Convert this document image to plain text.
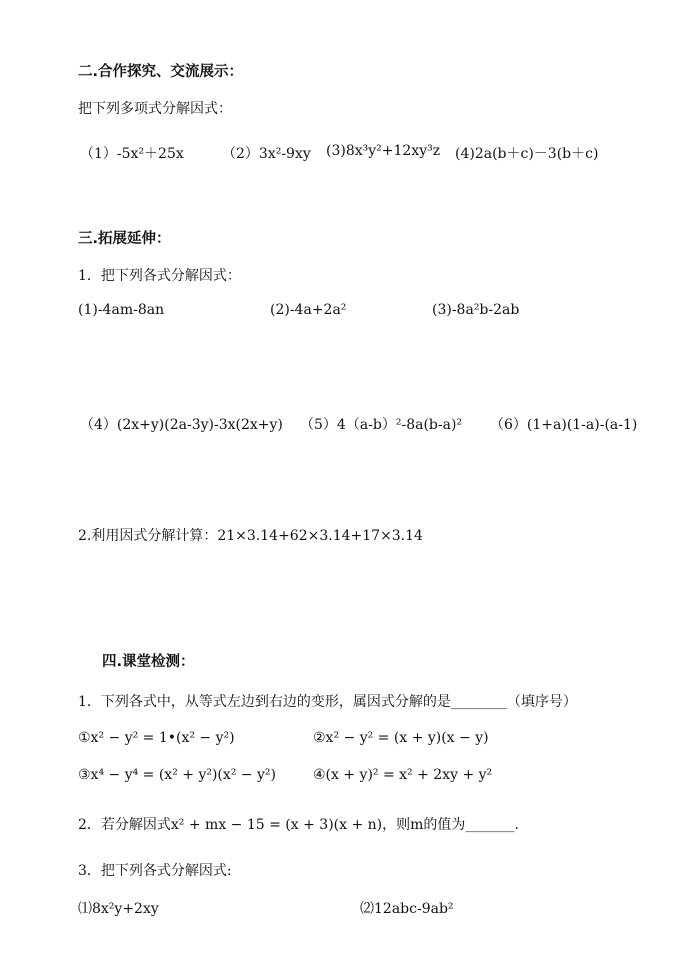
二.合作探究、交流展示：
把下列多项式分解因式：
（1）-5x²＋25x	（2）3x²-9xy (3)8x³y²+12xy³z (4)2a(b＋c)－3(b＋c)
三.拓展延伸：
1．把下列各式分解因式：
(1)-4am-8an	(2)-4a+2a²	(3)-8a²b-2ab
（4）(2x+y)(2a-3y)-3x(2x+y) （5）4（a-b）²-8a(b-a)² （6）(1+a)(1-a)-(a-1)
2.利用因式分解计算：21×3.14+62×3.14+17×3.14
四.课堂检测：
1．下列各式中，从等式左边到右边的变形，属因式分解的是________（填序号）
①x² − y² = 1•(x² − y²)	②x² − y² = (x + y)(x − y)
③x⁴ − y⁴ = (x² + y²)(x² − y²)	④(x + y)² = x² + 2xy + y²
2．若分解因式x² + mx − 15 = (x + 3)(x + n)，则m的值为_______.
3．把下列各式分解因式:
⑴8x²y+2xy	⑵12abc-9ab²
